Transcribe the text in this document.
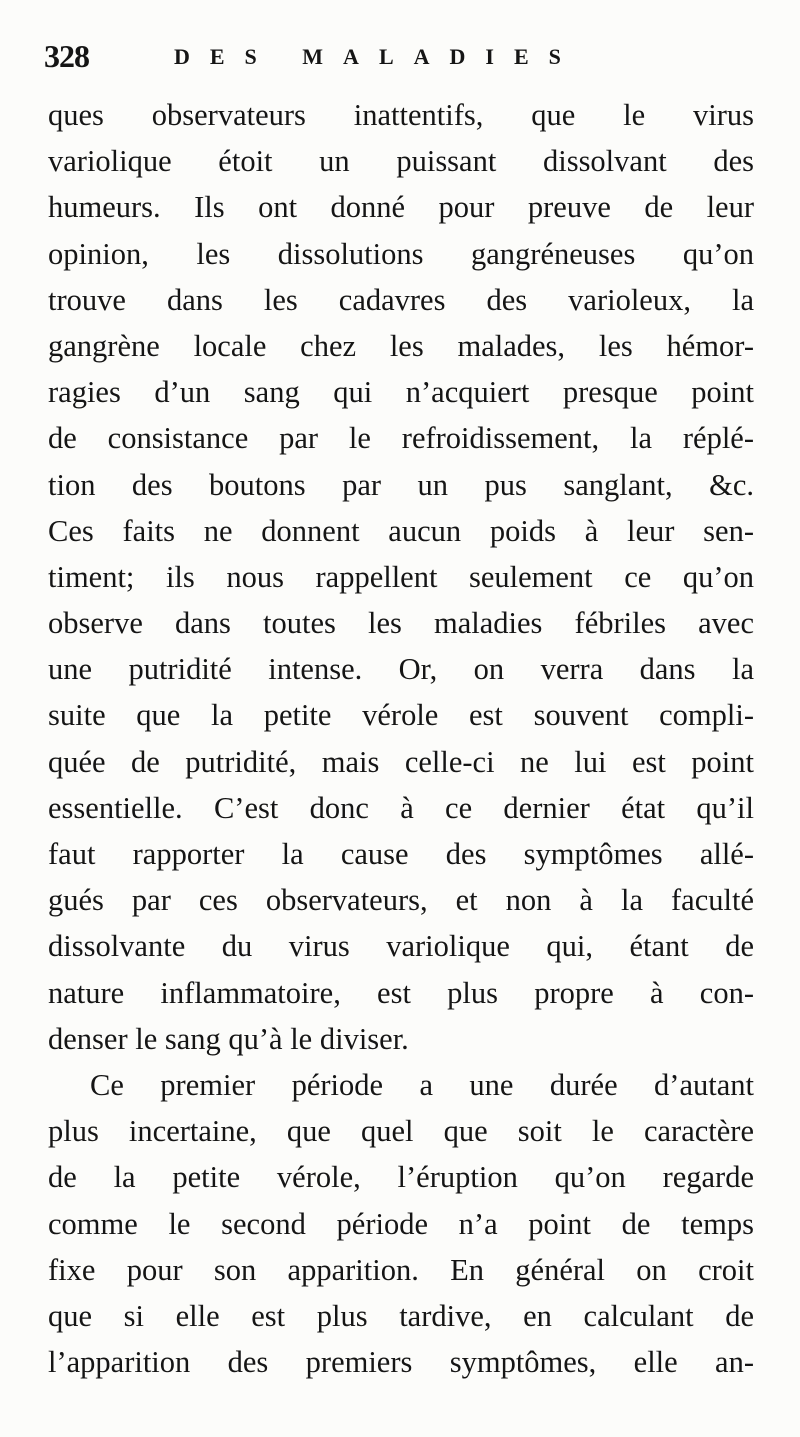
328	DES MALADIES
ques observateurs inattentifs, que le virus
variolique étoit un puissant dissolvant des
humeurs. Ils ont donné pour preuve de leur
opinion, les dissolutions gangréneuses qu’on
trouve dans les cadavres des varioleux, la
gangrène locale chez les malades, les hémor-
ragies d’un sang qui n’acquiert presque point
de consistance par le refroidissement, la réplé-
tion des boutons par un pus sanglant, &c.
Ces faits ne donnent aucun poids à leur sen-
timent; ils nous rappellent seulement ce qu’on
observe dans toutes les maladies fébriles avec
une putridité intense. Or, on verra dans la
suite que la petite vérole est souvent compli-
quée de putridité, mais celle-ci ne lui est point
essentielle. C’est donc à ce dernier état qu’il
faut rapporter la cause des symptômes allé-
gués par ces observateurs, et non à la faculté
dissolvante du virus variolique qui, étant de
nature inflammatoire, est plus propre à con-
denser le sang qu’à le diviser.
Ce premier période a une durée d’autant
plus incertaine, que quel que soit le caractère
de la petite vérole, l’éruption qu’on regarde
comme le second période n’a point de temps
fixe pour son apparition. En général on croit
que si elle est plus tardive, en calculant de
l’apparition des premiers symptômes, elle an-
